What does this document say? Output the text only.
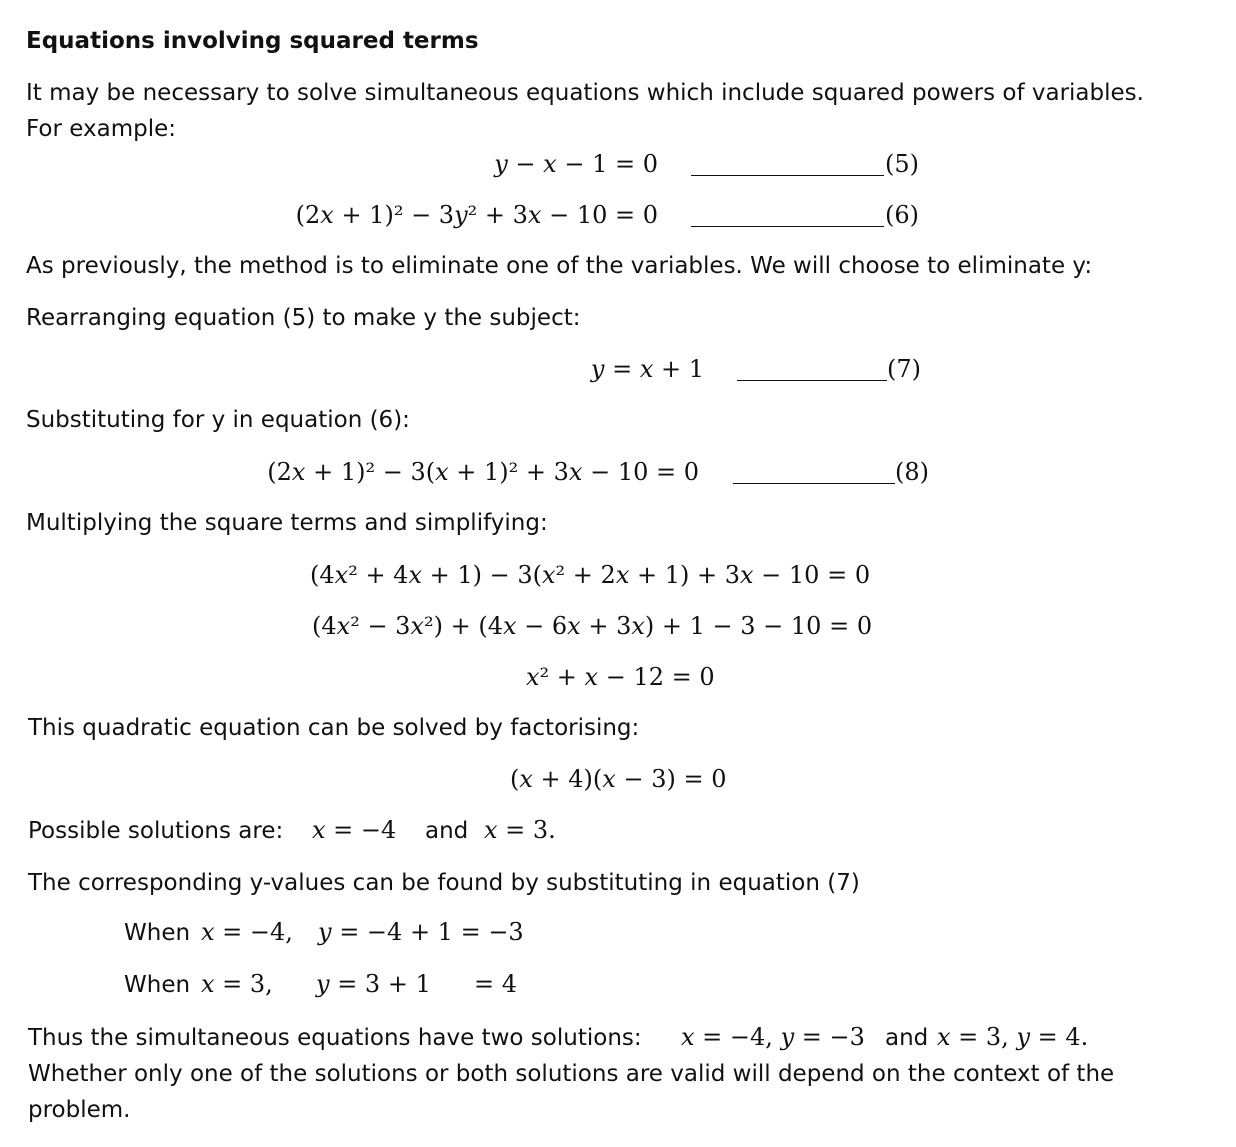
Equations involving squared terms
It may be necessary to solve simultaneous equations which include squared powers of variables.
For example:
y − x − 1 = 0	(5)
(2x + 1)² − 3y² + 3x − 10 = 0	(6)
As previously, the method is to eliminate one of the variables. We will choose to eliminate y:
Rearranging equation (5) to make y the subject:
y = x + 1	(7)
Substituting for y in equation (6):
(2x + 1)² − 3(x + 1)² + 3x − 10 = 0	(8)
Multiplying the square terms and simplifying:
(4x² + 4x + 1) − 3(x² + 2x + 1) + 3x − 10 = 0
(4x² − 3x²) + (4x − 6x + 3x) + 1 − 3 − 10 = 0
x² + x − 12 = 0
This quadratic equation can be solved by factorising:
(x + 4)(x − 3) = 0
Possible solutions are: x = −4 and x = 3.
The corresponding y-values can be found by substituting in equation (7)
When x = −4, y = −4 + 1 = −3
When x = 3, y = 3 + 1 = 4
Thus the simultaneous equations have two solutions: x = −4, y = −3 and x = 3, y = 4.
Whether only one of the solutions or both solutions are valid will depend on the context of the
problem.
